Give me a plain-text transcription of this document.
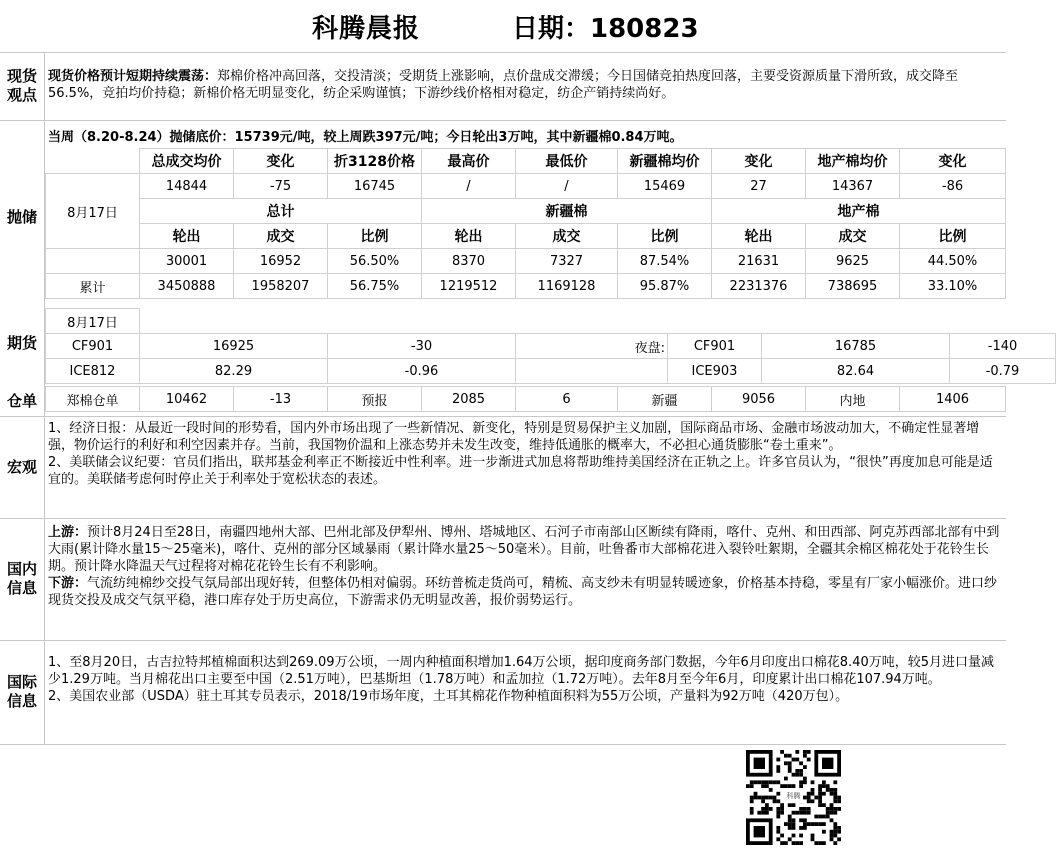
科腾晨报	日期：180823
现货
观点
现货价格预计短期持续震荡：郑棉价格冲高回落，交投清淡；受期货上涨影响，点价盘成交滞缓；今日国储竞拍热度回落，主要受资源质量下滑所致，成交降至56.5%，竞拍均价持稳；新棉价格无明显变化，纺企采购谨慎；下游纱线价格相对稳定，纺企产销持续尚好。
抛储
期货
仓单
当周（8.20-8.24）抛储底价：15739元/吨，较上周跌397元/吨；今日轮出3万吨，其中新疆棉0.84万吨。
	总成交均价	变化	折3128价格	最高价	最低价	新疆棉均价	变化	地产棉均价	变化
8月17日	14844	-75	16745	/	/	15469	27	14367	-86
	总计			新疆棉			地产棉		
	轮出	成交	比例	轮出	成交	比例	轮出	成交	比例
	30001	16952	56.50%	8370	7327	87.54%	21631	9625	44.50%
累计	3450888	1958207	56.75%	1219512	1169128	95.87%	2231376	738695	33.10%
8月17日						
CF901	16925	-30	夜盘:	CF901	16785	-140
ICE812	82.29	-0.96		ICE903	82.64	-0.79
郑棉仓单	10462	-13	预报	2085	6	新疆	9056	内地	1406
宏观
1、经济日报：从最近一段时间的形势看，国内外市场出现了一些新情况、新变化，特别是贸易保护主义加剧，国际商品市场、金融市场波动加大，不确定性显著增强，物价运行的利好和利空因素并存。当前，我国物价温和上涨态势并未发生改变，维持低通胀的概率大，不必担心通货膨胀“卷土重来”。
2、美联储会议纪要：官员们指出，联邦基金利率正不断接近中性利率。进一步渐进式加息将帮助维持美国经济在正轨之上。许多官员认为，“很快”再度加息可能是适宜的。美联储考虑何时停止关于利率处于宽松状态的表述。
国内
信息
上游：预计8月24日至28日，南疆四地州大部、巴州北部及伊犁州、博州、塔城地区、石河子市南部山区断续有降雨，喀什、克州、和田西部、阿克苏西部北部有中到大雨(累计降水量15～25毫米)，喀什、克州的部分区域暴雨（累计降水量25～50毫米）。目前，吐鲁番市大部棉花进入裂铃吐絮期，全疆其余棉区棉花处于花铃生长期。预计降水降温天气过程将对棉花花铃生长有不利影响。
下游：气流纺纯棉纱交投气氛局部出现好转，但整体仍相对偏弱。环纺普梳走货尚可，精梳、高支纱未有明显转暖迹象，价格基本持稳，零星有厂家小幅涨价。进口纱现货交投及成交气氛平稳，港口库存处于历史高位，下游需求仍无明显改善，报价弱势运行。
国际
信息
1、至8月20日，古吉拉特邦植棉面积达到269.09万公顷，一周内种植面积增加1.64万公顷，据印度商务部门数据，今年6月印度出口棉花8.40万吨，较5月进口量减少1.29万吨。当月棉花出口主要至中国（2.51万吨），巴基斯坦（1.78万吨）和孟加拉（1.72万吨）。去年8月至今年6月，印度累计出口棉花107.94万吨。
2、美国农业部（USDA）驻土耳其专员表示，2018/19市场年度，土耳其棉花作物种植面积料为55万公顷，产量料为92万吨（420万包）。
科腾
